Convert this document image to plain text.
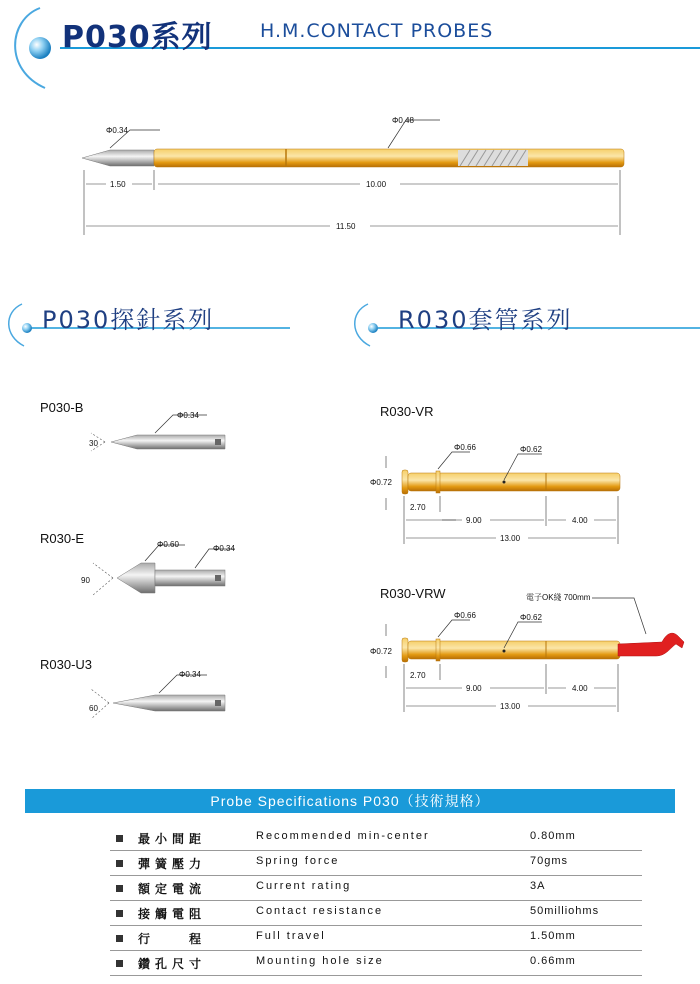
P030系列 H.M.CONTACT PROBES
Φ0.34
Φ0.48
1.50	10.00
11.50
P030探針系列	R030套管系列
P030-B
30
Φ0.34
R030-E
90
Φ0.60	Φ0.34
R030-U3
60
Φ0.34
R030-VR
Φ0.72
Φ0.66	Φ0.62
2.70
9.00	4.00
13.00
R030-VRW	電子OK綫 700mm
Φ0.72
Φ0.66	Φ0.62
2.70
9.00	4.00
13.00
Probe Specifications P030（技術規格）
最小間距	Recommended min-center	0.80mm
彈簧壓力	Spring force	70gms
額定電流	Current rating	3A
接觸電阻	Contact resistance	50milliohms
行　　程	Full travel	1.50mm
鑽孔尺寸	Mounting hole size	0.66mm
